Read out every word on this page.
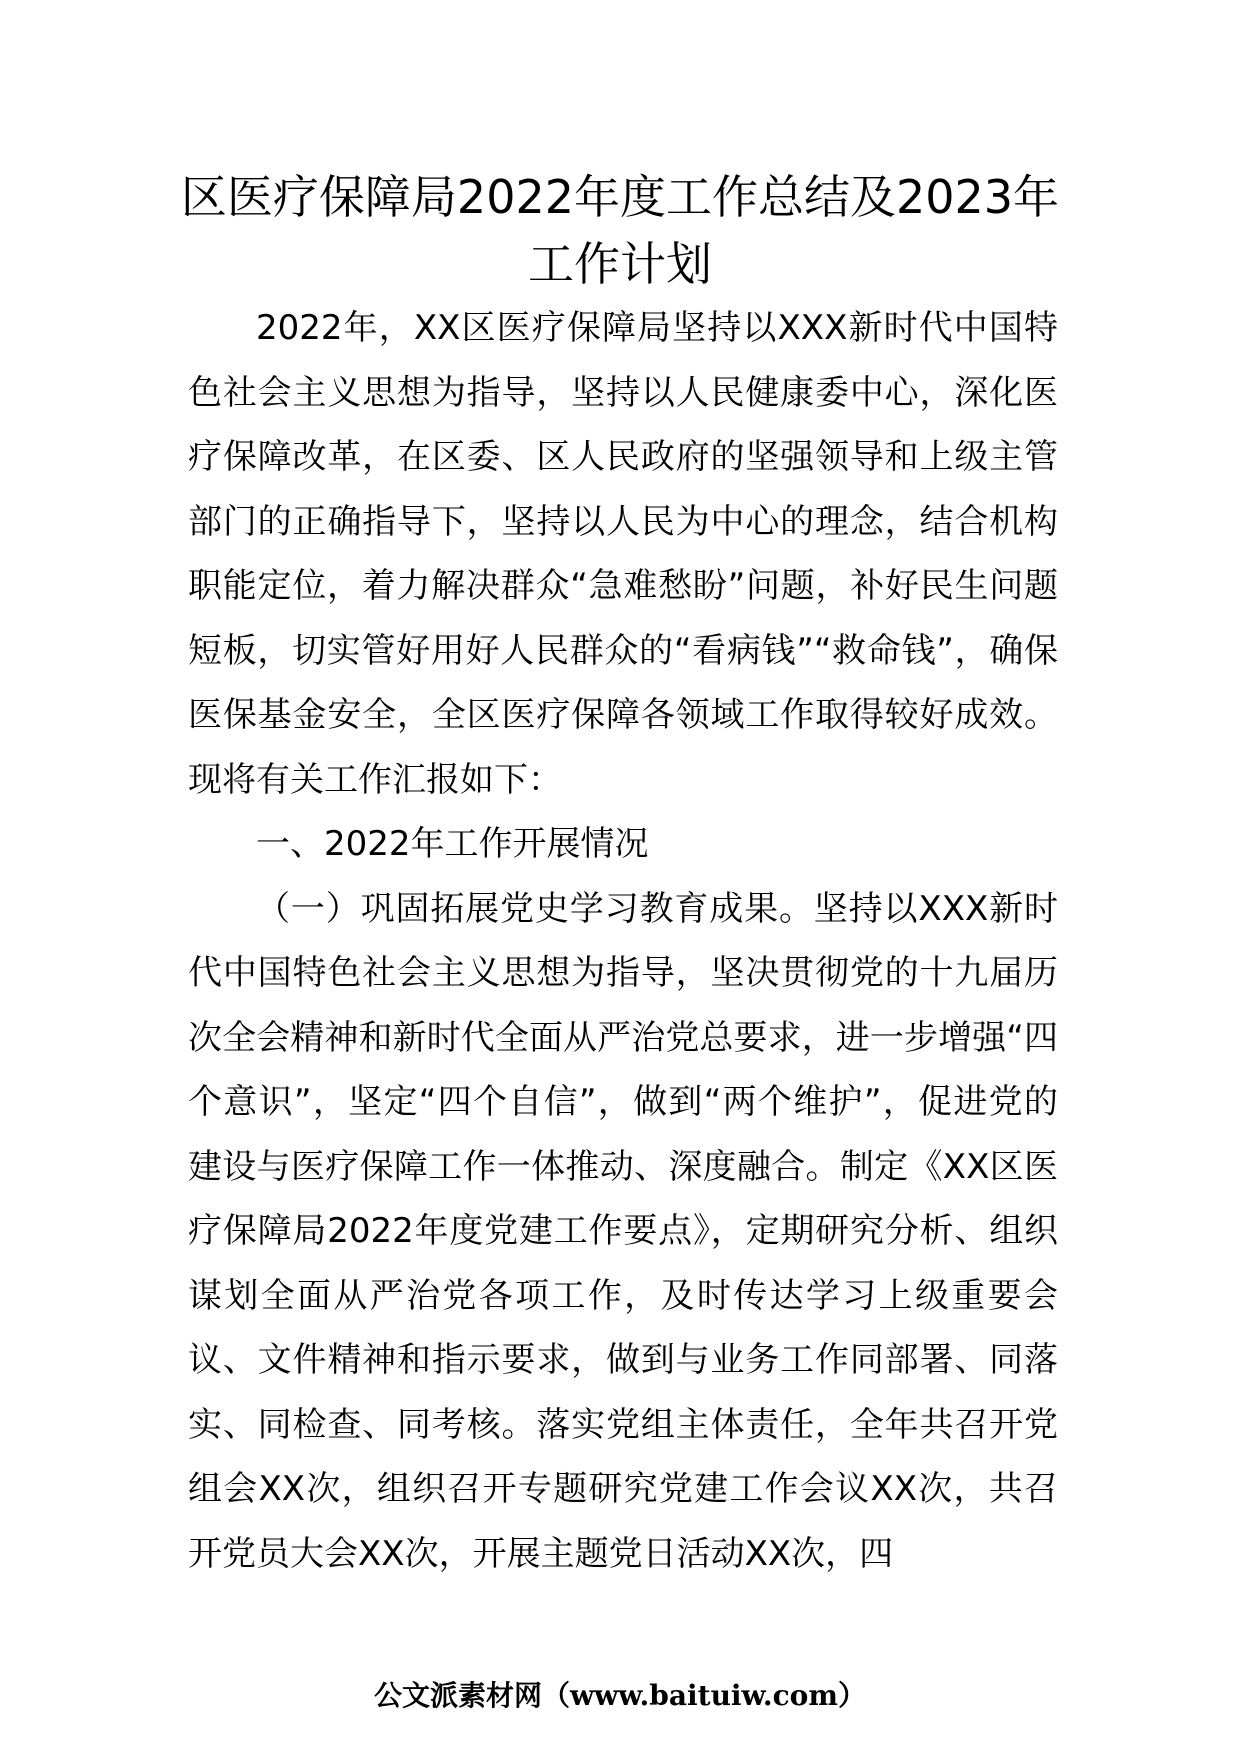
区医疗保障局2022年度工作总结及2023年
工作计划

2022年，XX区医疗保障局坚持以XXX新时代中国特色社会主义思想为指导，坚持以人民健康委中心，深化医疗保障改革，在区委、区人民政府的坚强领导和上级主管部门的正确指导下，坚持以人民为中心的理念，结合机构职能定位，着力解决群众“急难愁盼”问题，补好民生问题短板，切实管好用好人民群众的“看病钱”“救命钱”，确保医保基金安全，全区医疗保障各领域工作取得较好成效。现将有关工作汇报如下：

一、2022年工作开展情况

（一）巩固拓展党史学习教育成果。坚持以XXX新时代中国特色社会主义思想为指导，坚决贯彻党的十九届历次全会精神和新时代全面从严治党总要求，进一步增强“四个意识”，坚定“四个自信”，做到“两个维护”，促进党的建设与医疗保障工作一体推动、深度融合。制定《XX区医疗保障局2022年度党建工作要点》，定期研究分析、组织谋划全面从严治党各项工作，及时传达学习上级重要会议、文件精神和指示要求，做到与业务工作同部署、同落实、同检查、同考核。落实党组主体责任，全年共召开党组会XX次，组织召开专题研究党建工作会议XX次，共召开党员大会XX次，开展主题党日活动XX次，四

公文派素材网（www.baituiw.com）
